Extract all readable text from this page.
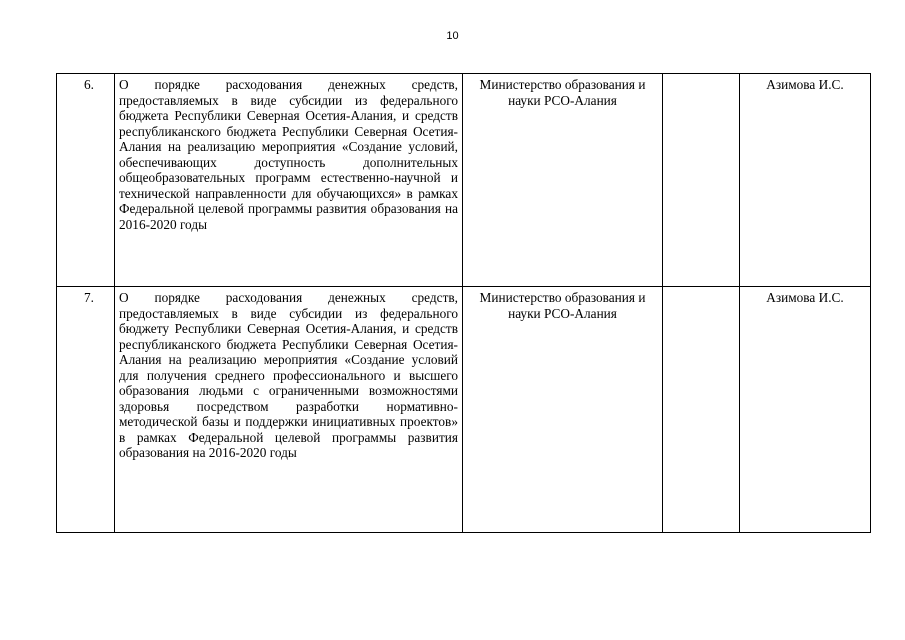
10
6.	О порядке расходования денежных средств, предоставляемых в виде субсидии из федерального бюджета Республики Северная Осетия-Алания, и средств республиканского бюджета Республики Северная Осетия-Алания на реализацию мероприятия «Создание условий, обеспечивающих доступность дополнительных общеобразовательных программ естественно-научной и технической направленности для обучающихся» в рамках Федеральной целевой программы развития образования на 2016-2020 годы	Министерство образования и науки РСО-Алания		Азимова И.С.
7.	О порядке расходования денежных средств, предоставляемых в виде субсидии из федерального бюджету Республики Северная Осетия-Алания, и средств республиканского бюджета Республики Северная Осетия-Алания на реализацию мероприятия «Создание условий для получения среднего профессионального и высшего образования людьми с ограниченными возможностями здоровья посредством разработки нормативно-методической базы и поддержки инициативных проектов» в рамках Федеральной целевой программы развития образования на 2016-2020 годы	Министерство образования и науки РСО-Алания		Азимова И.С.
